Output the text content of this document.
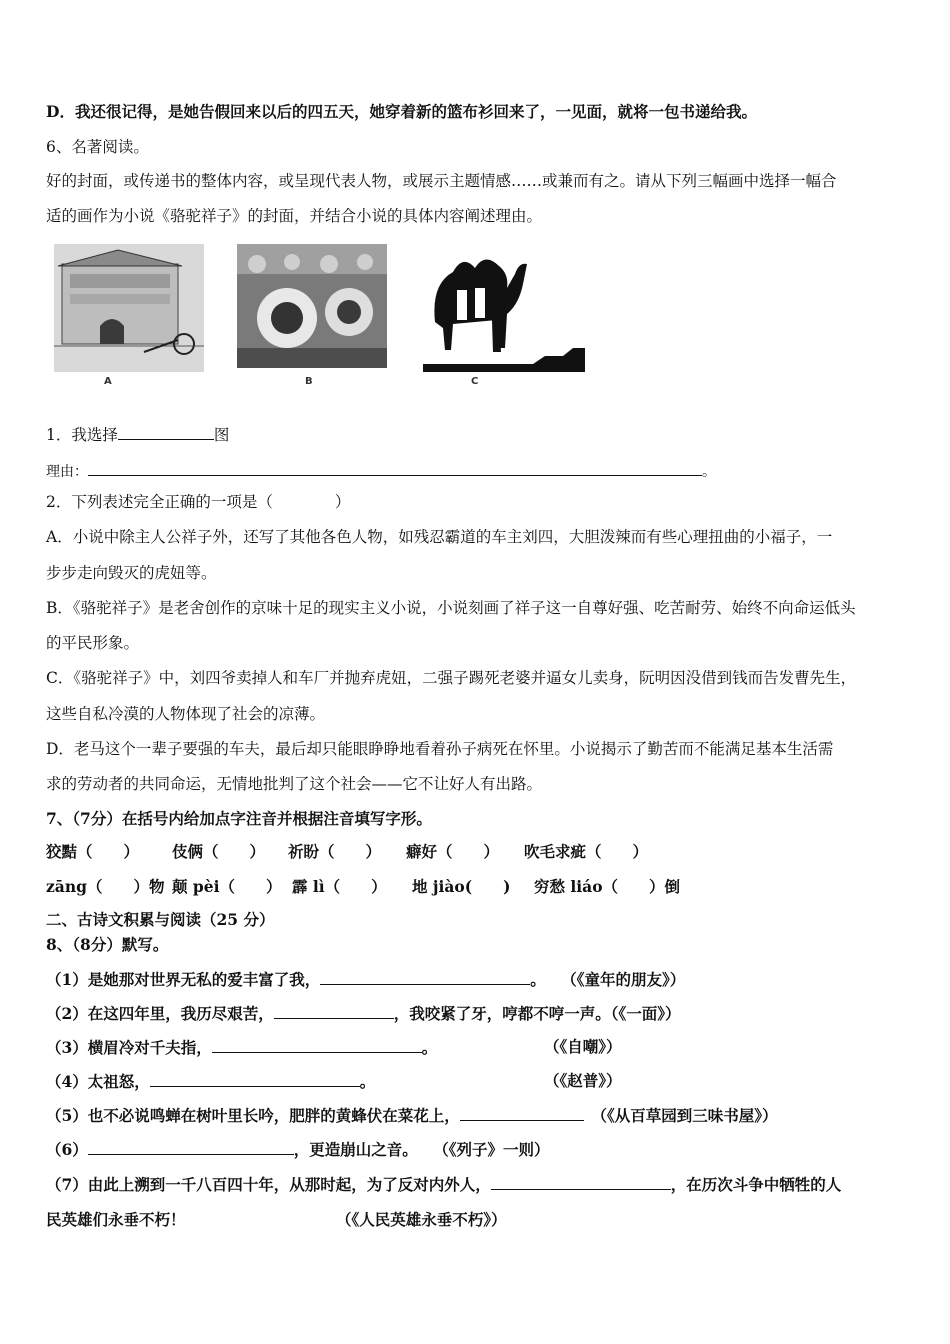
D．我还很记得，是她告假回来以后的四五天，她穿着新的篮布衫回来了，一见面，就将一包书递给我。
6、名著阅读。
好的封面，或传递书的整体内容，或呈现代表人物，或展示主题情感……或兼而有之。请从下列三幅画中选择一幅合
适的画作为小说《骆驼祥子》的封面，并结合小说的具体内容阐述理由。
A	B	C
1．我选择	图
理由：	。
2．下列表述完全正确的一项是（　　　　）
A．小说中除主人公祥子外，还写了其他各色人物，如残忍霸道的车主刘四，大胆泼辣而有些心理扭曲的小福子，一
步步走向毁灭的虎妞等。
B．《骆驼祥子》是老舍创作的京味十足的现实主义小说，小说刻画了祥子这一自尊好强、吃苦耐劳、始终不向命运低头
的平民形象。
C．《骆驼祥子》中，刘四爷卖掉人和车厂并抛弃虎妞，二强子踢死老婆并逼女儿卖身，阮明因没借到钱而告发曹先生，
这些自私冷漠的人物体现了社会的凉薄。
D．老马这个一辈子要强的车夫，最后却只能眼睁睁地看着孙子病死在怀里。小说揭示了勤苦而不能满足基本生活需
求的劳动者的共同命运，无情地批判了这个社会——它不让好人有出路。
7、（7分）在括号内给加点字注音并根据注音填写字形。
狡黠（　　） 伎俩（　　） 祈盼（　　） 癖好（　　） 吹毛求疵（　　）
zāng（　　）物 颠 pèi（　　） 霹 lì（　　） 地 jiào(　　) 穷愁 liáo（　　）倒
二、古诗文积累与阅读（25 分）
8、（8分）默写。
（1）是她那对世界无私的爱丰富了我，	。　　（《童年的朋友》）
（2）在这四年里，我历尽艰苦，	，我咬紧了牙，哼都不哼一声。（《一面》）
（3）横眉冷对千夫指，	。	（《自嘲》）
（4）太祖怒，	。	（《赵普》）
（5）也不必说鸣蝉在树叶里长吟，肥胖的黄蜂伏在菜花上，	　（《从百草园到三味书屋》）
（6）	，更造崩山之音。　　（《列子》一则）
（7）由此上溯到一千八百四十年，从那时起，为了反对内外人，	，在历次斗争中牺牲的人
民英雄们永垂不朽！	（《人民英雄永垂不朽》）
